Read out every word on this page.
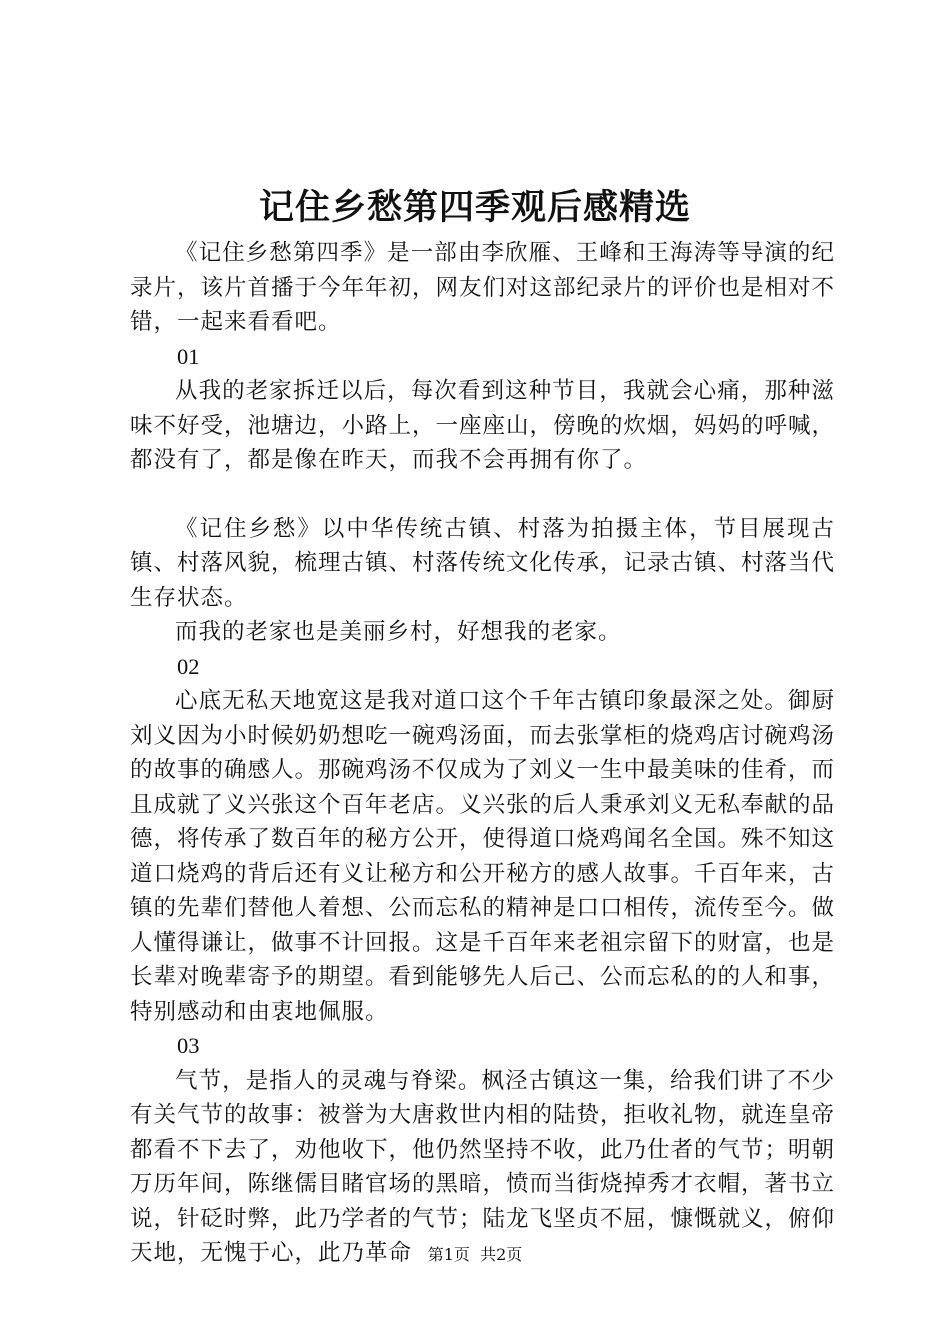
记住乡愁第四季观后感精选

《记住乡愁第四季》是一部由李欣雁、王峰和王海涛等导演的纪录片，该片首播于今年年初，网友们对这部纪录片的评价也是相对不错，一起来看看吧。

01

从我的老家拆迁以后，每次看到这种节目，我就会心痛，那种滋味不好受，池塘边，小路上，一座座山，傍晚的炊烟，妈妈的呼喊，都没有了，都是像在昨天，而我不会再拥有你了。

《记住乡愁》以中华传统古镇、村落为拍摄主体，节目展现古镇、村落风貌，梳理古镇、村落传统文化传承，记录古镇、村落当代生存状态。

而我的老家也是美丽乡村，好想我的老家。

02

心底无私天地宽这是我对道口这个千年古镇印象最深之处。御厨刘义因为小时候奶奶想吃一碗鸡汤面，而去张掌柜的烧鸡店讨碗鸡汤的故事的确感人。那碗鸡汤不仅成为了刘义一生中最美味的佳肴，而且成就了义兴张这个百年老店。义兴张的后人秉承刘义无私奉献的品德，将传承了数百年的秘方公开，使得道口烧鸡闻名全国。殊不知这道口烧鸡的背后还有义让秘方和公开秘方的感人故事。千百年来，古镇的先辈们替他人着想、公而忘私的精神是口口相传，流传至今。做人懂得谦让，做事不计回报。这是千百年来老祖宗留下的财富，也是长辈对晚辈寄予的期望。看到能够先人后己、公而忘私的的人和事，特别感动和由衷地佩服。

03

气节，是指人的灵魂与脊梁。枫泾古镇这一集，给我们讲了不少有关气节的故事：被誉为大唐救世内相的陆贽，拒收礼物，就连皇帝都看不下去了，劝他收下，他仍然坚持不收，此乃仕者的气节；明朝万历年间，陈继儒目睹官场的黑暗，愤而当街烧掉秀才衣帽，著书立说，针砭时弊，此乃学者的气节；陆龙飞坚贞不屈，慷慨就义，俯仰天地，无愧于心，此乃革命 第1页 共2页
